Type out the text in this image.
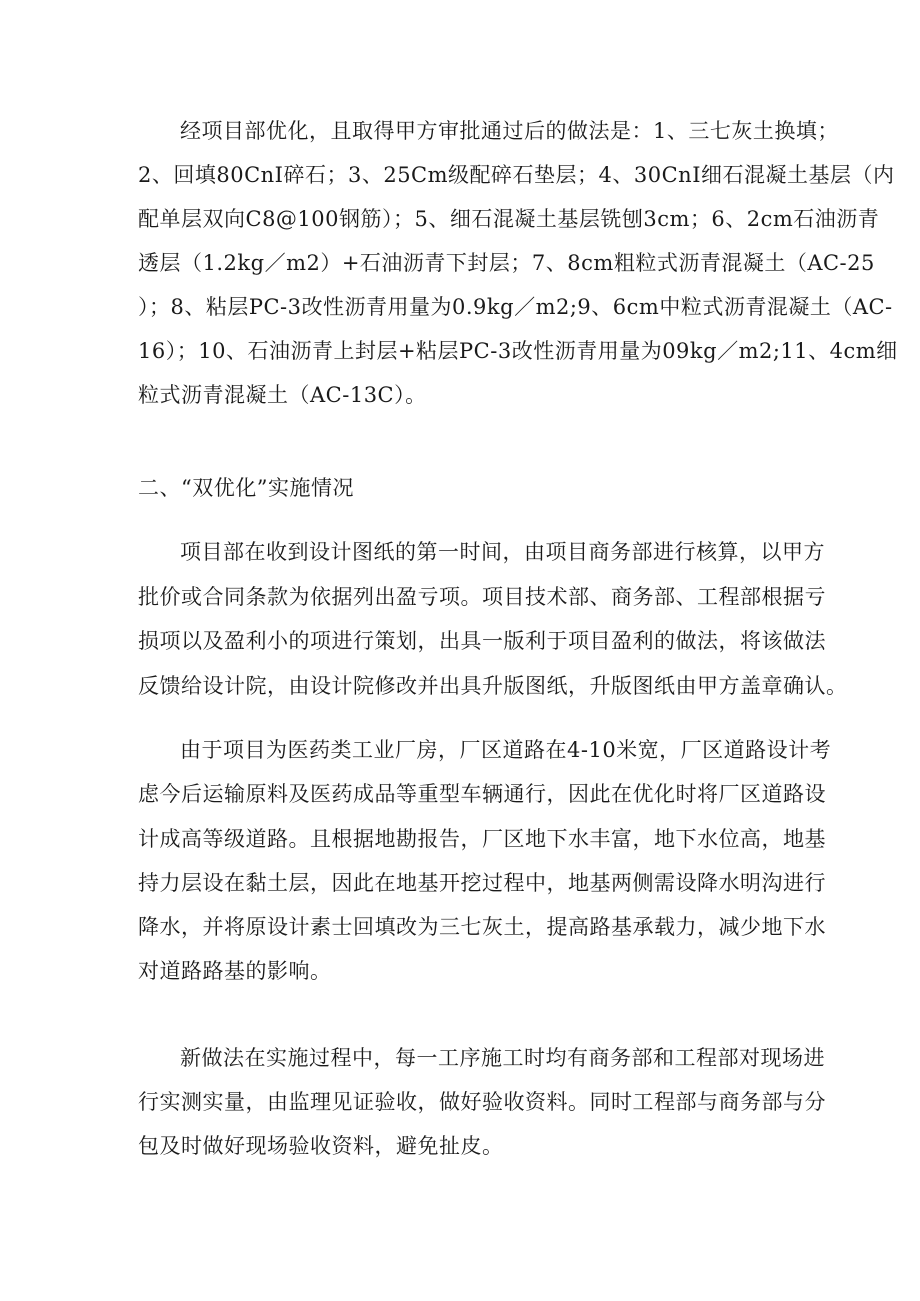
经项目部优化，且取得甲方审批通过后的做法是：1、三七灰土换填；

2、回填80CnI碎石；3、25Cm级配碎石垫层；4、30CnI细石混凝土基层（内

配单层双向C8@100钢筋）；5、细石混凝土基层铣刨3cm；6、2cm石油沥青

透层（1.2kg／m2）+石油沥青下封层；7、8cm粗粒式沥青混凝土（AC-25

）；8、粘层PC-3改性沥青用量为0.9kg／m2;9、6cm中粒式沥青混凝土（AC-

16）；10、石油沥青上封层+粘层PC-3改性沥青用量为09kg／m2;11、4cm细

粒式沥青混凝土（AC-13C）。

二、“双优化”实施情况

项目部在收到设计图纸的第一时间，由项目商务部进行核算，以甲方

批价或合同条款为依据列出盈亏项。项目技术部、商务部、工程部根据亏

损项以及盈利小的项进行策划，出具一版利于项目盈利的做法，将该做法

反馈给设计院，由设计院修改并出具升版图纸，升版图纸由甲方盖章确认。

由于项目为医药类工业厂房，厂区道路在4-10米宽，厂区道路设计考

虑今后运输原料及医药成品等重型车辆通行，因此在优化时将厂区道路设

计成高等级道路。且根据地勘报告，厂区地下水丰富，地下水位高，地基

持力层设在黏土层，因此在地基开挖过程中，地基两侧需设降水明沟进行

降水，并将原设计素士回填改为三七灰土，提高路基承载力，减少地下水

对道路路基的影响。

新做法在实施过程中，每一工序施工时均有商务部和工程部对现场进

行实测实量，由监理见证验收，做好验收资料。同时工程部与商务部与分

包及时做好现场验收资料，避免扯皮。
